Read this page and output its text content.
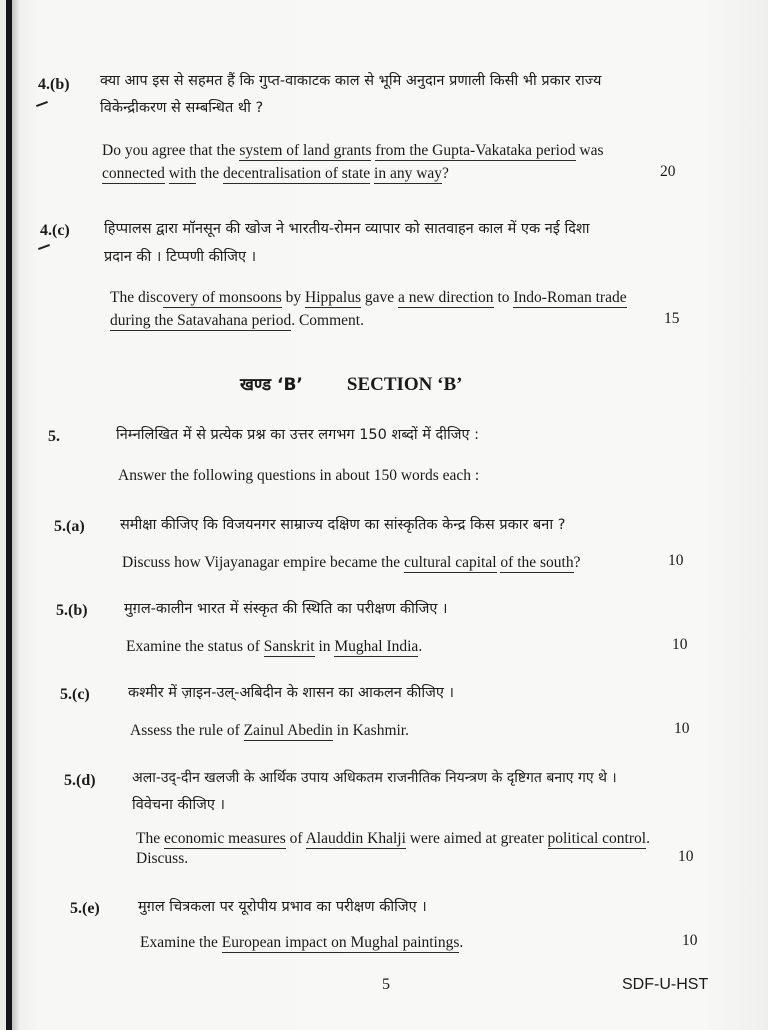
4.(b) क्या आप इस से सहमत हैं कि गुप्त-वाकाटक काल से भूमि अनुदान प्रणाली किसी भी प्रकार राज्य
विकेन्द्रीकरण से सम्बन्धित थी ?
Do you agree that the system of land grants from the Gupta-Vakataka period was
connected with the decentralisation of state in any way?	20
4.(c) हिप्पालस द्वारा मॉनसून की खोज ने भारतीय-रोमन व्यापार को सातवाहन काल में एक नई दिशा
प्रदान की । टिप्पणी कीजिए ।
The discovery of monsoons by Hippalus gave a new direction to Indo-Roman trade
during the Satavahana period. Comment.	15
खण्ड ‘B’ SECTION ‘B’
5.	निम्नलिखित में से प्रत्येक प्रश्न का उत्तर लगभग 150 शब्दों में दीजिए :
Answer the following questions in about 150 words each :
5.(a) समीक्षा कीजिए कि विजयनगर साम्राज्य दक्षिण का सांस्कृतिक केन्द्र किस प्रकार बना ?
Discuss how Vijayanagar empire became the cultural capital of the south?	10
5.(b)	मुग़ल-कालीन भारत में संस्कृत की स्थिति का परीक्षण कीजिए ।
Examine the status of Sanskrit in Mughal India.	10
5.(c)	कश्मीर में ज़ाइन-उल्-अबिदीन के शासन का आकलन कीजिए ।
Assess the rule of Zainul Abedin in Kashmir.	10
5.(d)	अला-उद्-दीन खलजी के आर्थिक उपाय अधिकतम राजनीतिक नियन्त्रण के दृष्टिगत बनाए गए थे ।
विवेचना कीजिए ।
The economic measures of Alauddin Khalji were aimed at greater political control.
Discuss.	10
5.(e)	मुग़ल चित्रकला पर यूरोपीय प्रभाव का परीक्षण कीजिए ।
Examine the European impact on Mughal paintings.	10
5	SDF-U-HST
